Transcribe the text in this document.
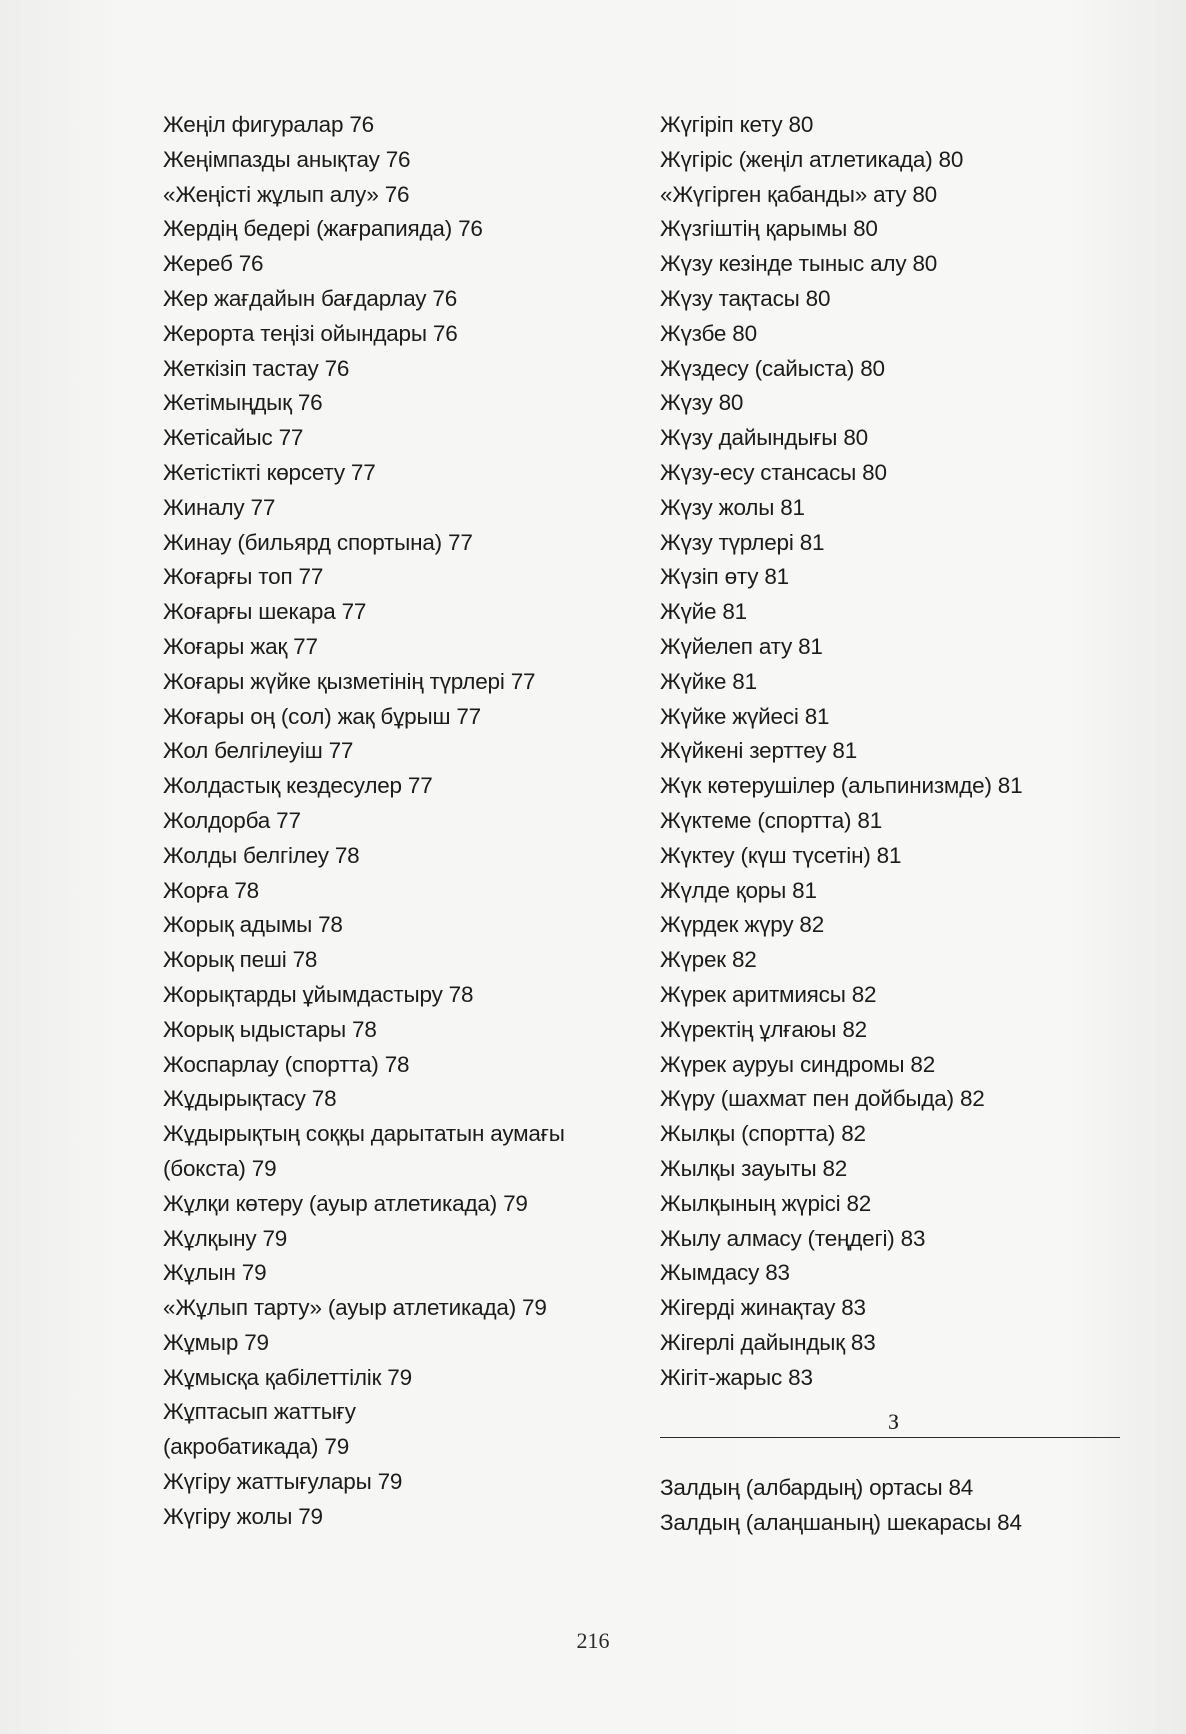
Жеңіл фигуралар 76
Жеңімпазды анықтау 76
«Жеңісті жұлып алу» 76
Жердің бедері (жағрапияда) 76
Жереб 76
Жер жағдайын бағдарлау 76
Жерорта теңізі ойындары 76
Жеткізіп тастау 76
Жетімыңдық 76
Жетісайыс 77
Жетістікті көрсету 77
Жиналу 77
Жинау (бильярд спортына) 77
Жоғарғы топ 77
Жоғарғы шекара 77
Жоғары жақ 77
Жоғары жүйке қызметінің түрлері 77
Жоғары оң (сол) жақ бұрыш 77
Жол белгілеуіш 77
Жолдастық кездесулер 77
Жолдорба 77
Жолды белгілеу 78
Жорға 78
Жорық адымы 78
Жорық пеші 78
Жорықтарды ұйымдастыру 78
Жорық ыдыстары 78
Жоспарлау (спортта) 78
Жұдырықтасу 78
Жұдырықтың соққы дарытатын аумағы (бокста) 79
Жұлқи көтеру (ауыр атлетикада) 79
Жұлқыну 79
Жұлын 79
«Жұлып тарту» (ауыр атлетикада) 79
Жұмыр 79
Жұмысқа қабілеттілік 79
Жұптасып жаттығу (акробатикада) 79
Жүгіру жаттығулары 79
Жүгіру жолы 79
Жүгіріп кету 80
Жүгіріс (жеңіл атлетикада) 80
«Жүгірген қабанды» ату 80
Жүзгіштің қарымы 80
Жүзу кезінде тыныс алу 80
Жүзу тақтасы 80
Жүзбе 80
Жүздесу (сайыста) 80
Жүзу 80
Жүзу дайындығы 80
Жүзу-есу стансасы 80
Жүзу жолы 81
Жүзу түрлері 81
Жүзіп өту 81
Жүйе 81
Жүйелеп ату 81
Жүйке 81
Жүйке жүйесі 81
Жүйкені зерттеу 81
Жүк көтерушілер (альпинизмде) 81
Жүктеме (спортта) 81
Жүктеу (күш түсетін) 81
Жүлде қоры 81
Жүрдек жүру 82
Жүрек 82
Жүрек аритмиясы 82
Жүректің ұлғаюы 82
Жүрек ауруы синдромы 82
Жүру (шахмат пен дойбыда) 82
Жылқы (спортта) 82
Жылқы зауыты 82
Жылқының жүрісі 82
Жылу алмасу (теңдегі) 83
Жымдасу 83
Жігерді жинақтау 83
Жігерлі дайындық 83
Жігіт-жарыс 83
З
Залдың (албардың) ортасы 84
Залдың (алаңшаның) шекарасы 84
216
